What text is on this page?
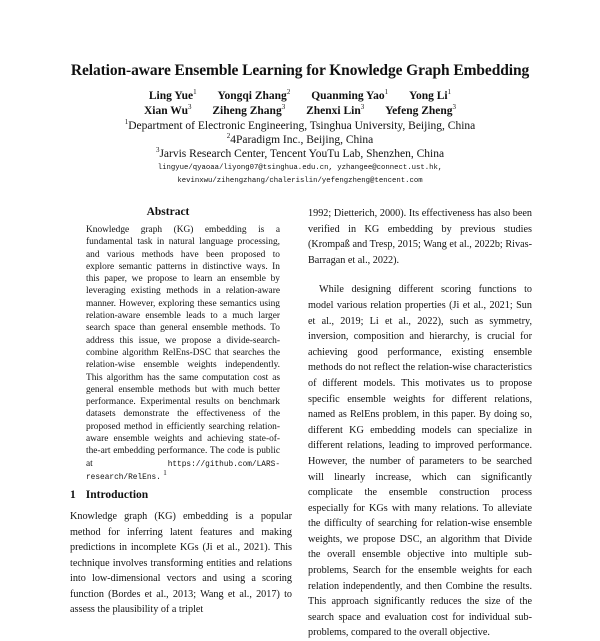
Relation-aware Ensemble Learning for Knowledge Graph Embedding
Ling Yue$^1$ Yongqi Zhang$^2$ Quanming Yao$^1$ Yong Li$^1$
Xian Wu$^3$ Ziheng Zhang$^3$ Zhenxi Lin$^3$ Yefeng Zheng$^3$
$^1$Department of Electronic Engineering, Tsinghua University, Beijing, China
$^2$4Paradigm Inc., Beijing, China
$^3$Jarvis Research Center, Tencent YouTu Lab, Shenzhen, China
lingyue/qyaoaa/liyong07@tsinghua.edu.cn, yzhangee@connect.ust.hk,
kevinxwu/zihengzhang/chalerislin/yefengzheng@tencent.com
Abstract
Knowledge graph (KG) embedding is a fundamental task in natural language processing, and various methods have been proposed to explore semantic patterns in distinctive ways. In this paper, we propose to learn an ensemble by leveraging existing methods in a relation-aware manner. However, exploring these semantics using relation-aware ensemble leads to a much larger search space than general ensemble methods. To address this issue, we propose a divide-search-combine algorithm RelEns-DSC that searches the relation-wise ensemble weights independently. This algorithm has the same computation cost as general ensemble methods but with much better performance. Experimental results on benchmark datasets demonstrate the effectiveness of the proposed method in efficiently searching relation-aware ensemble weights and achieving state-of-the-art embedding performance. The code is public at	https://github.com/LARS-research/RelEns. $^1$
1 Introduction
Knowledge graph (KG) embedding is a popular method for inferring latent features and making predictions in incomplete KGs (Ji et al., 2021). This technique involves transforming entities and relations into low-dimensional vectors and using a scoring function (Bordes et al., 2013; Wang et al., 2017) to assess the plausibility of a triplet

1992; Dietterich, 2000). Its effectiveness has also been verified in KG embedding by previous studies (Krompaß and Tresp, 2015; Wang et al., 2022b; Rivas-Barragan et al., 2022).

While designing different scoring functions to model various relation properties (Ji et al., 2021; Sun et al., 2019; Li et al., 2022), such as symmetry, inversion, composition and hierarchy, is crucial for achieving good performance, existing ensemble methods do not reflect the relation-wise characteristics of different models. This motivates us to propose specific ensemble weights for different relations, named as RelEns problem, in this paper. By doing so, different KG embedding models can specialize in different relations, leading to improved performance. However, the number of parameters to be searched will linearly increase, which can significantly complicate the ensemble construction process especially for KGs with many relations. To alleviate the difficulty of searching for relation-wise ensemble weights, we propose DSC, an algorithm that Divide the overall ensemble objective into multiple sub-problems, Search for the ensemble weights for each relation independently, and then Combine the results. This approach significantly reduces the size of the search space and evaluation cost for individual sub-problems, compared to the overall objective.
